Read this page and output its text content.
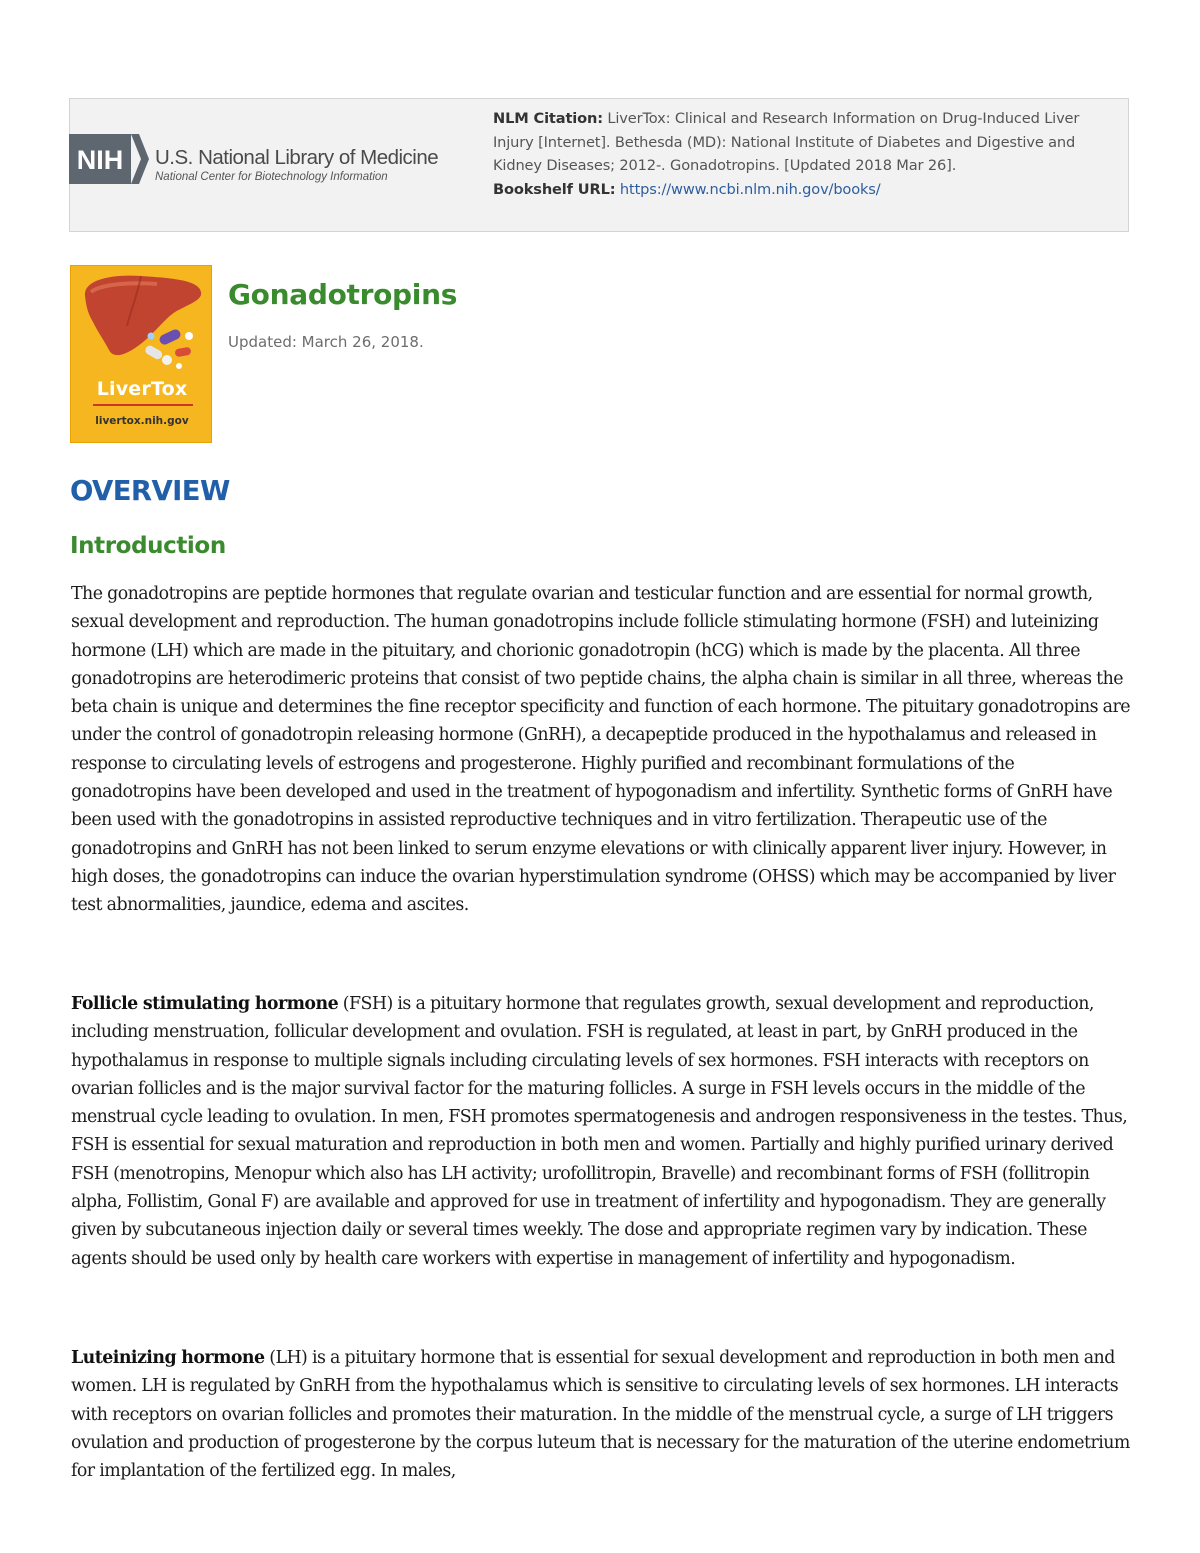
NLM Citation: LiverTox: Clinical and Research Information on Drug-Induced Liver Injury [Internet]. Bethesda (MD): National Institute of Diabetes and Digestive and Kidney Diseases; 2012-. Gonadotropins. [Updated 2018 Mar 26].
Bookshelf URL: https://www.ncbi.nlm.nih.gov/books/
NIH U.S. National Library of Medicine
National Center for Biotechnology Information
LiverTox
livertox.nih.gov
Gonadotropins
Updated: March 26, 2018.
OVERVIEW
Introduction

The gonadotropins are peptide hormones that regulate ovarian and testicular function and are essential for normal growth, sexual development and reproduction. The human gonadotropins include follicle stimulating hormone (FSH) and luteinizing hormone (LH) which are made in the pituitary, and chorionic gonadotropin (hCG) which is made by the placenta. All three gonadotropins are heterodimeric proteins that consist of two peptide chains, the alpha chain is similar in all three, whereas the beta chain is unique and determines the fine receptor specificity and function of each hormone. The pituitary gonadotropins are under the control of gonadotropin releasing hormone (GnRH), a decapeptide produced in the hypothalamus and released in response to circulating levels of estrogens and progesterone. Highly purified and recombinant formulations of the gonadotropins have been developed and used in the treatment of hypogonadism and infertility. Synthetic forms of GnRH have been used with the gonadotropins in assisted reproductive techniques and in vitro fertilization. Therapeutic use of the gonadotropins and GnRH has not been linked to serum enzyme elevations or with clinically apparent liver injury. However, in high doses, the gonadotropins can induce the ovarian hyperstimulation syndrome (OHSS) which may be accompanied by liver test abnormalities, jaundice, edema and ascites.

Follicle stimulating hormone (FSH) is a pituitary hormone that regulates growth, sexual development and reproduction, including menstruation, follicular development and ovulation. FSH is regulated, at least in part, by GnRH produced in the hypothalamus in response to multiple signals including circulating levels of sex hormones. FSH interacts with receptors on ovarian follicles and is the major survival factor for the maturing follicles. A surge in FSH levels occurs in the middle of the menstrual cycle leading to ovulation. In men, FSH promotes spermatogenesis and androgen responsiveness in the testes. Thus, FSH is essential for sexual maturation and reproduction in both men and women. Partially and highly purified urinary derived FSH (menotropins, Menopur which also has LH activity; urofollitropin, Bravelle) and recombinant forms of FSH (follitropin alpha, Follistim, Gonal F) are available and approved for use in treatment of infertility and hypogonadism. They are generally given by subcutaneous injection daily or several times weekly. The dose and appropriate regimen vary by indication. These agents should be used only by health care workers with expertise in management of infertility and hypogonadism.

Luteinizing hormone (LH) is a pituitary hormone that is essential for sexual development and reproduction in both men and women. LH is regulated by GnRH from the hypothalamus which is sensitive to circulating levels of sex hormones. LH interacts with receptors on ovarian follicles and promotes their maturation. In the middle of the menstrual cycle, a surge of LH triggers ovulation and production of progesterone by the corpus luteum that is necessary for the maturation of the uterine endometrium for implantation of the fertilized egg. In males,
